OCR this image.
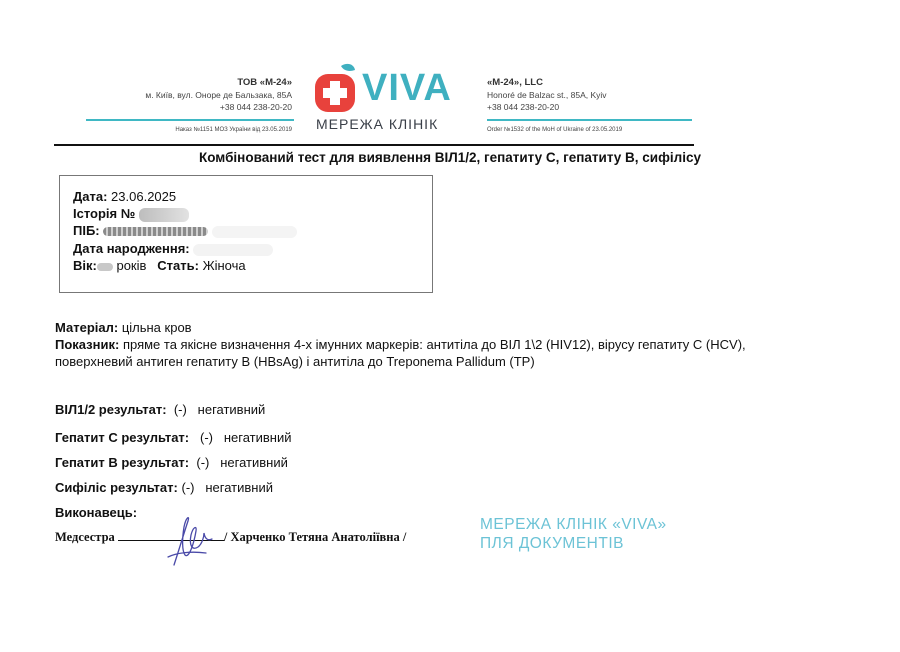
ТОВ «М-24»
м. Київ, вул. Оноре де Бальзака, 85А
+38 044 238-20-20
Наказ №1151 МОЗ України від 23.05.2019
VIVA
МЕРЕЖА КЛІНІК
«M-24», LLC
Honoré de Balzac st., 85A, Kyiv
+38 044 238-20-20
Order №1532 of the MoH of Ukraine of 23.05.2019
Комбінований тест для виявлення ВІЛ1/2, гепатиту С, гепатиту В, сифілісу
Дата: 23.06.2025
Історія №
ПІБ:
Дата народження:
Вік: років Стать: Жіноча
Матеріал: цільна кров
Показник: пряме та якісне визначення 4-х імунних маркерів: антитіла до ВІЛ 1\2 (HIV12), вірусу гепатиту С (HCV), поверхневий антиген гепатиту В (HBsAg) і антитіла до Treponema Pallidum (TP)
ВІЛ1/2 результат: (-) негативний
Гепатит С результат: (-) негативний
Гепатит В результат: (-) негативний
Сифіліс результат: (-) негативний
Виконавець:
Медсестра	/ Харченко Тетяна Анатоліївна /
МЕРЕЖА КЛІНІК «VIVA»
ПЛЯ ДОКУМЕНТІВ
